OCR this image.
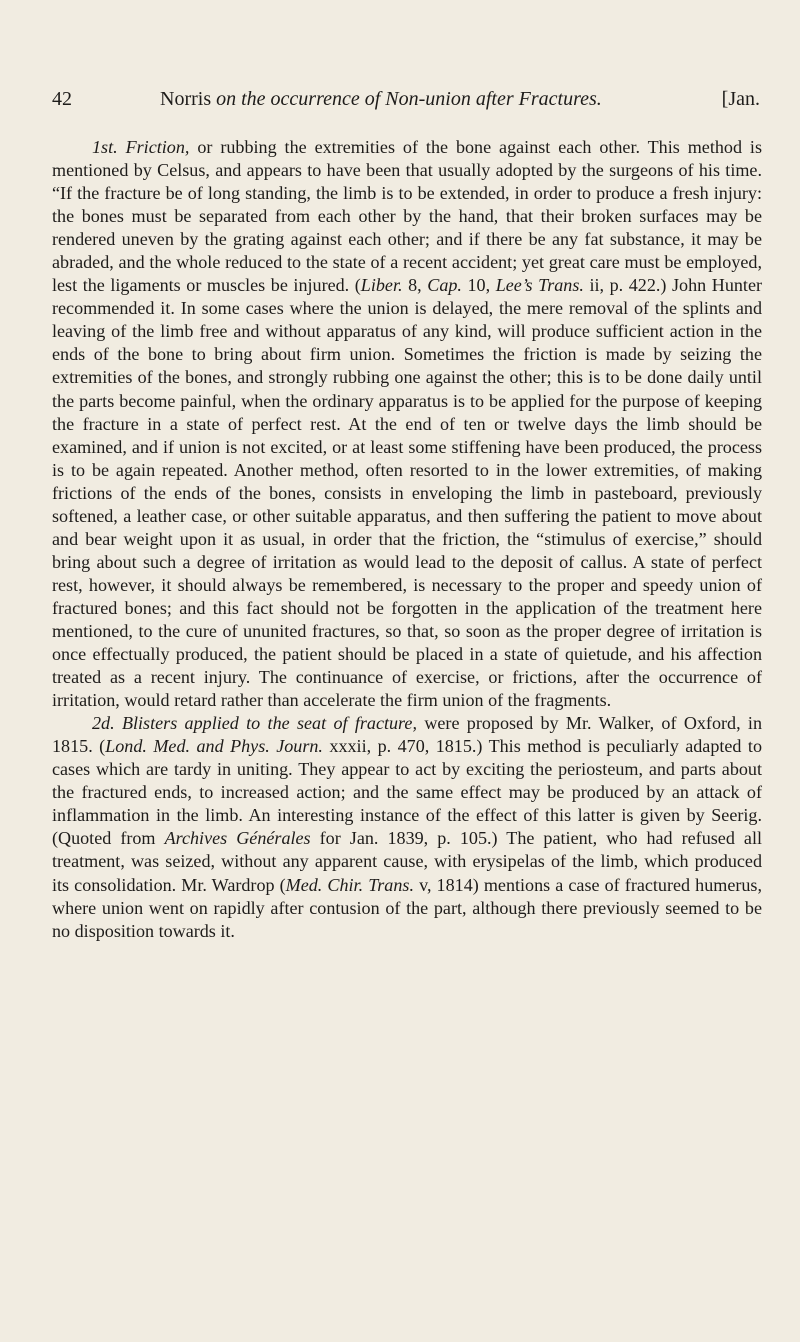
42	Norris on the occurrence of Non-union after Fractures.	[Jan.

1st. Friction, or rubbing the extremities of the bone against each other. This method is mentioned by Celsus, and appears to have been that usually adopted by the surgeons of his time. “If the fracture be of long standing, the limb is to be extended, in order to produce a fresh injury: the bones must be separated from each other by the hand, that their broken surfaces may be rendered uneven by the grating against each other; and if there be any fat substance, it may be abraded, and the whole reduced to the state of a recent accident; yet great care must be employed, lest the ligaments or muscles be injured. (Liber. 8, Cap. 10, Lee’s Trans. ii, p. 422.) John Hunter recommended it. In some cases where the union is delayed, the mere removal of the splints and leaving of the limb free and without apparatus of any kind, will produce sufficient action in the ends of the bone to bring about firm union. Sometimes the friction is made by seizing the extremities of the bones, and strongly rubbing one against the other; this is to be done daily until the parts become painful, when the ordinary apparatus is to be applied for the purpose of keeping the fracture in a state of perfect rest. At the end of ten or twelve days the limb should be examined, and if union is not excited, or at least some stiffening have been produced, the process is to be again repeated. Another method, often resorted to in the lower extremities, of making frictions of the ends of the bones, consists in enveloping the limb in pasteboard, previously softened, a leather case, or other suitable apparatus, and then suffering the patient to move about and bear weight upon it as usual, in order that the friction, the “stimulus of exercise,” should bring about such a degree of irritation as would lead to the deposit of callus. A state of perfect rest, however, it should always be remembered, is necessary to the proper and speedy union of fractured bones; and this fact should not be forgotten in the application of the treatment here mentioned, to the cure of ununited fractures, so that, so soon as the proper degree of irritation is once effectually produced, the patient should be placed in a state of quietude, and his affection treated as a recent injury. The continuance of exercise, or frictions, after the occurrence of irritation, would retard rather than accelerate the firm union of the fragments.

2d. Blisters applied to the seat of fracture, were proposed by Mr. Walker, of Oxford, in 1815. (Lond. Med. and Phys. Journ. xxxii, p. 470, 1815.) This method is peculiarly adapted to cases which are tardy in uniting. They appear to act by exciting the periosteum, and parts about the fractured ends, to increased action; and the same effect may be produced by an attack of inflammation in the limb. An interesting instance of the effect of this latter is given by Seerig. (Quoted from Archives Générales for Jan. 1839, p. 105.) The patient, who had refused all treatment, was seized, without any apparent cause, with erysipelas of the limb, which produced its consolidation. Mr. Wardrop (Med. Chir. Trans. v, 1814) mentions a case of fractured humerus, where union went on rapidly after contusion of the part, although there previously seemed to be no disposition towards it.
